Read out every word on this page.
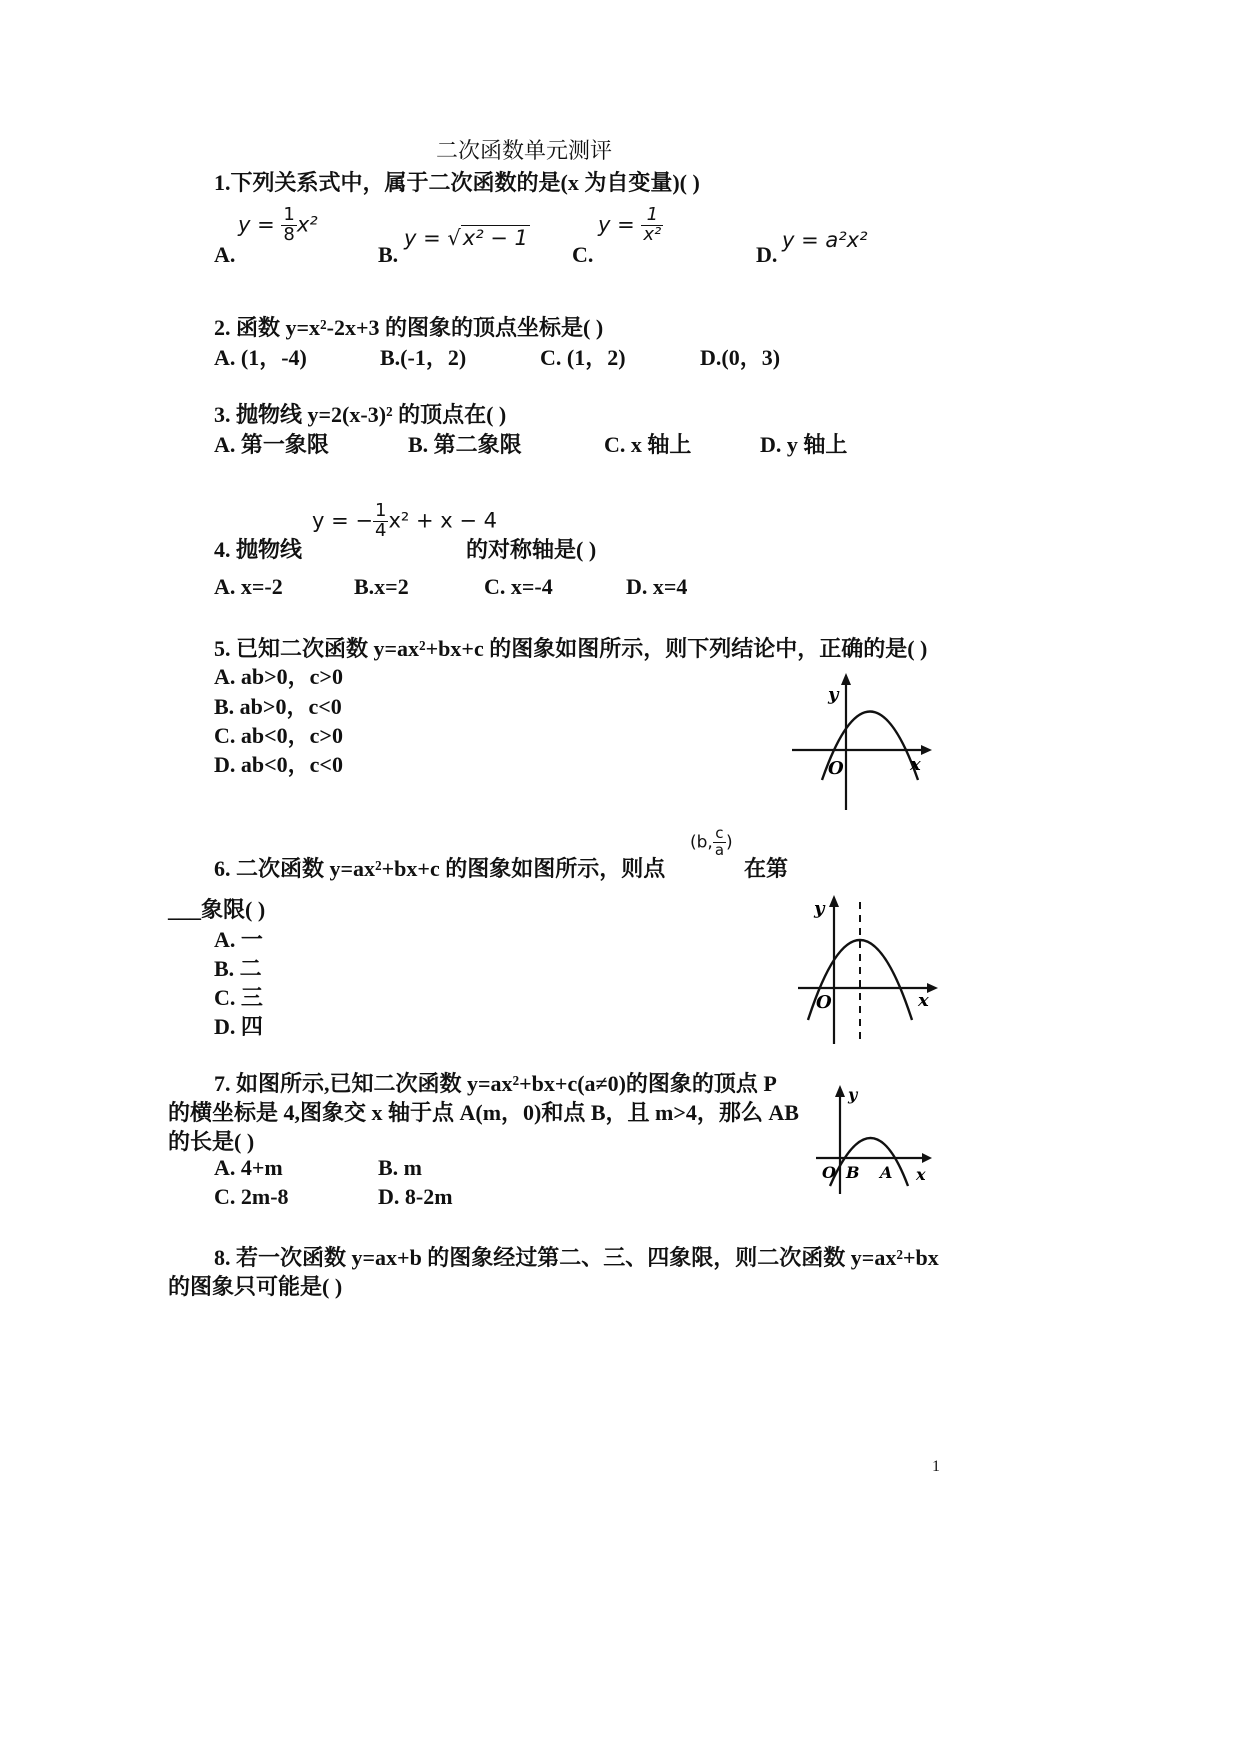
二次函数单元测评
1.下列关系式中，属于二次函数的是(x 为自变量)( )
A.
$y = \frac{1}{8} x^2$
B.
y = √x² − 1
C.
$y = \frac{1}{\text{x²}}$
D.
y = a²x²
2. 函数 y=x²-2x+3 的图象的顶点坐标是( )
A. (1，-4)	B.(-1，2)	C. (1，2)	D.(0，3)
3. 抛物线 y=2(x-3)² 的顶点在( )
A. 第一象限	B. 第二象限	C. x 轴上	D. y 轴上
4. 抛物线
y = − $\frac{1}{4} x^2 + x - 4$
的对称轴是( )
A. x=-2	B.x=2	C. x=-4	D. x=4
5. 已知二次函数 y=ax²+bx+c 的图象如图所示，则下列结论中，正确的是( )
A. ab>0，c>0
B. ab>0，c<0
C. ab<0，c>0
D. ab<0，c<0
y
x
O
6. 二次函数 y=ax²+bx+c 的图象如图所示，则点
(b, $\frac{c}{a}$ )
在第
___象限( )
A. 一
B. 二
C. 三
D. 四
y
x
O
7. 如图所示,已知二次函数 y=ax²+bx+c(a≠0)的图象的顶点 P
的横坐标是 4,图象交 x 轴于点 A(m，0)和点 B，且 m>4，那么 AB
的长是( )
A. 4+m	B. m
C. 2m-8	D. 8-2m
y
x
O B A
8. 若一次函数 y=ax+b 的图象经过第二、三、四象限，则二次函数 y=ax²+bx
的图象只可能是( )
1
